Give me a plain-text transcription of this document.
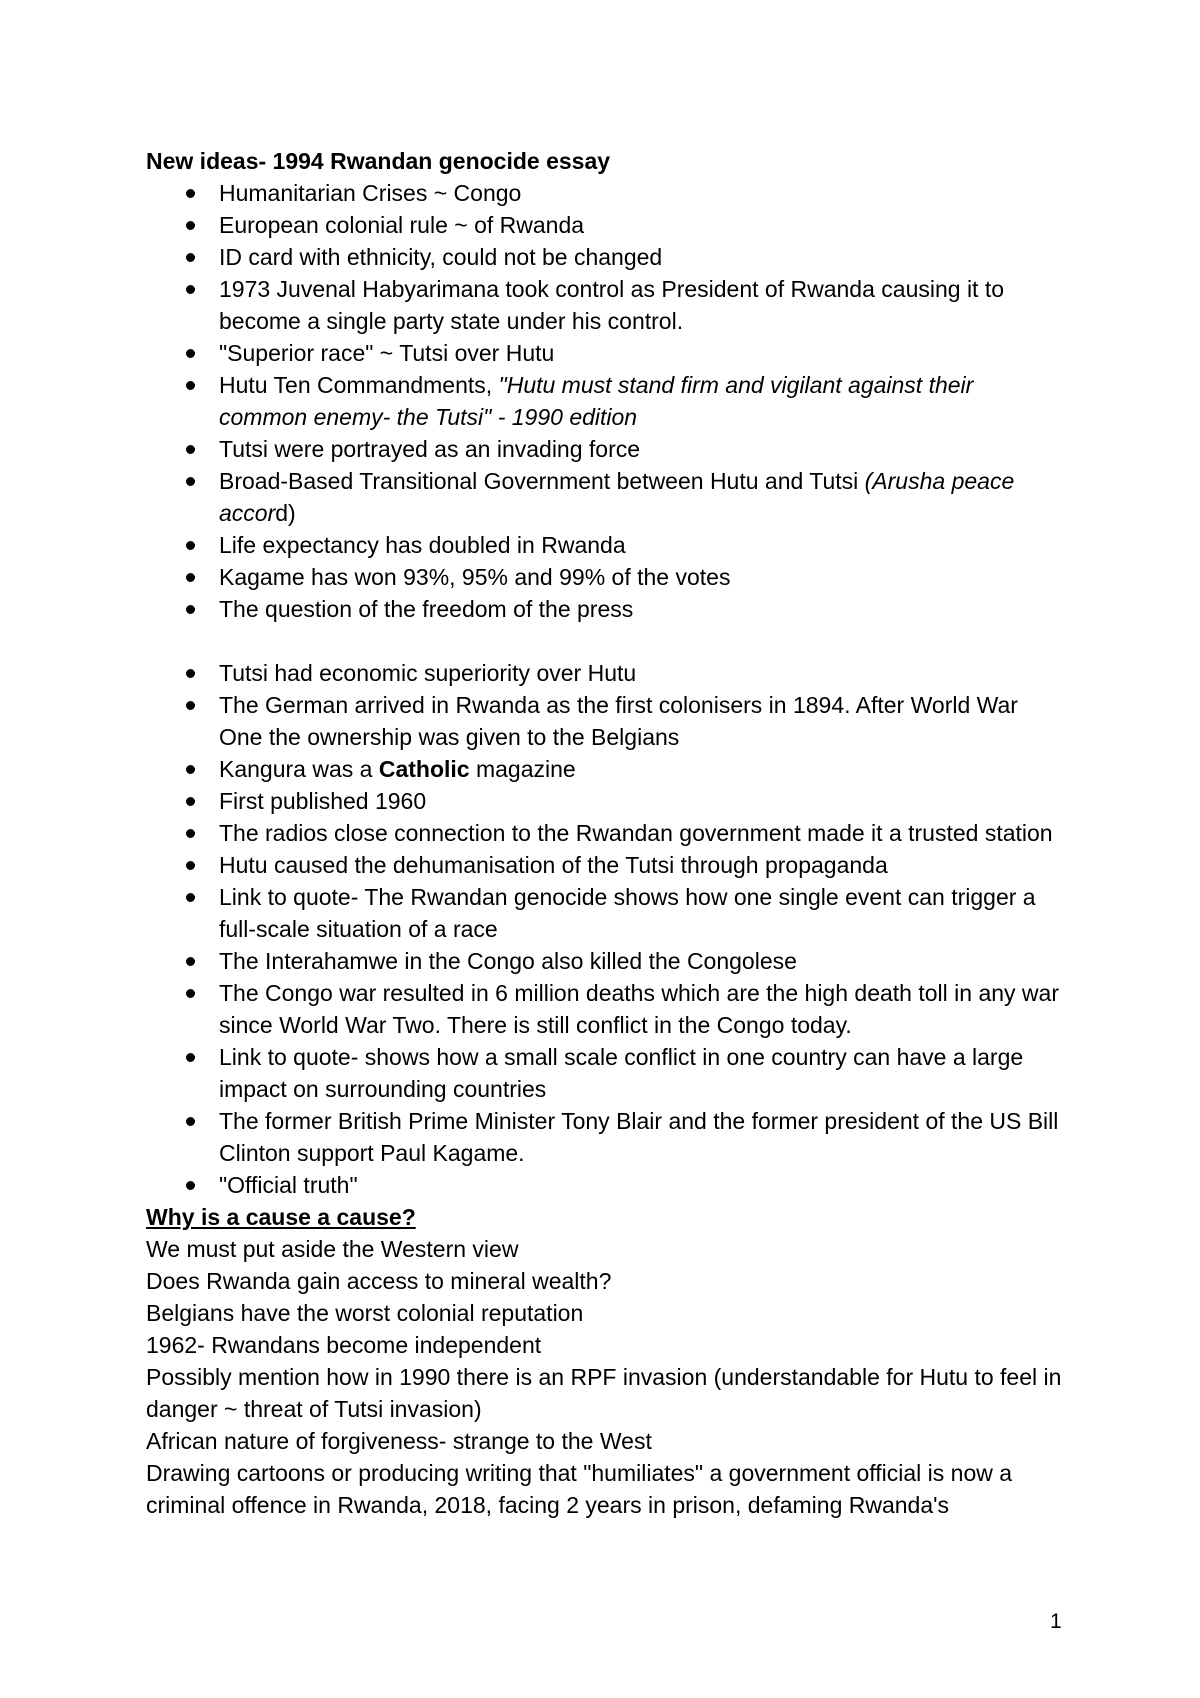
New ideas- 1994 Rwandan genocide essay

Humanitarian Crises ~ Congo
European colonial rule ~ of Rwanda
ID card with ethnicity, could not be changed
1973 Juvenal Habyarimana took control as President of Rwanda causing it to become a single party state under his control.
"Superior race" ~ Tutsi over Hutu
Hutu Ten Commandments, "Hutu must stand firm and vigilant against their common enemy- the Tutsi" - 1990 edition
Tutsi were portrayed as an invading force
Broad-Based Transitional Government between Hutu and Tutsi (Arusha peace accord)
Life expectancy has doubled in Rwanda
Kagame has won 93%, 95% and 99% of the votes
The question of the freedom of the press
Tutsi had economic superiority over Hutu
The German arrived in Rwanda as the first colonisers in 1894. After World War One the ownership was given to the Belgians
Kangura was a Catholic magazine
First published 1960
The radios close connection to the Rwandan government made it a trusted station
Hutu caused the dehumanisation of the Tutsi through propaganda
Link to quote- The Rwandan genocide shows how one single event can trigger a full-scale situation of a race
The Interahamwe in the Congo also killed the Congolese
The Congo war resulted in 6 million deaths which are the high death toll in any war since World War Two. There is still conflict in the Congo today.
Link to quote- shows how a small scale conflict in one country can have a large impact on surrounding countries
The former British Prime Minister Tony Blair and the former president of the US Bill Clinton support Paul Kagame.
"Official truth"

Why is a cause a cause?

We must put aside the Western view

Does Rwanda gain access to mineral wealth?

Belgians have the worst colonial reputation

1962- Rwandans become independent

Possibly mention how in 1990 there is an RPF invasion (understandable for Hutu to feel in danger ~ threat of Tutsi invasion)

African nature of forgiveness- strange to the West

Drawing cartoons or producing writing that "humiliates" a government official is now a criminal offence in Rwanda, 2018, facing 2 years in prison, defaming Rwanda's

1
